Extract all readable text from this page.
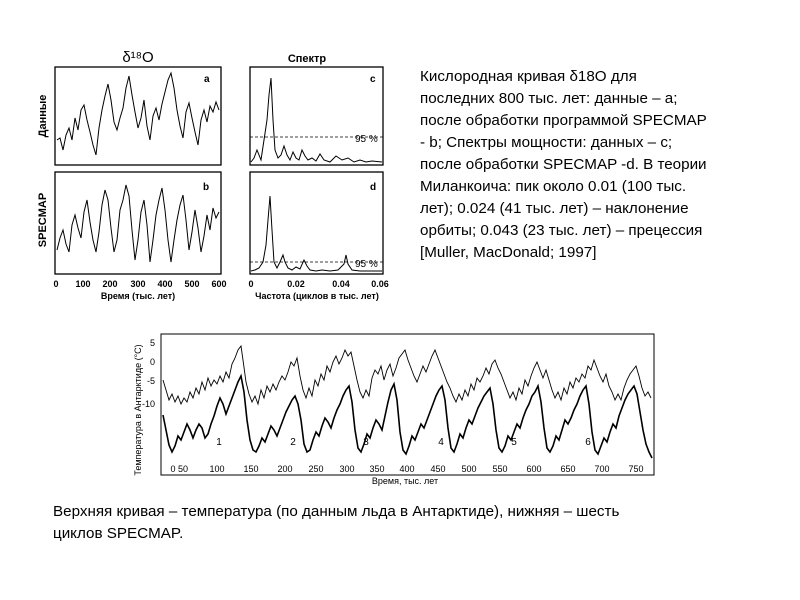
δ¹⁸O	Спектр
Данные
SPECMAP
a
b
c
d
95 %
95 %
0 100 200 300 400 500 600
Время (тыс. лет)
0	0.02	0.04 0.06
Частота (циклов в тыс. лет)
Кислородная кривая δ18О для
последних 800 тыс. лет: данные – а;
после обработки программой SPECMAP
- b; Спектры мощности: данных – с;
после обработки SPECMAP -d. В теории
Миланкоича: пик около 0.01 (100 тыс.
лет); 0.024 (41 тыс. лет) – наклонение
орбиты; 0.043 (23 тыс. лет) – прецессия
[Muller, MacDonald; 1997]
Температура в Антарктиде (°С)
5
0
-5
-10
1	2	3	4	5	6
0 50 100 150 200 250 300 350 400 450 500 550 600 650 700 750
Время, тыс. лет
Верхняя кривая – температура (по данным льда в Антарктиде), нижняя – шесть
циклов SPECMAP.
